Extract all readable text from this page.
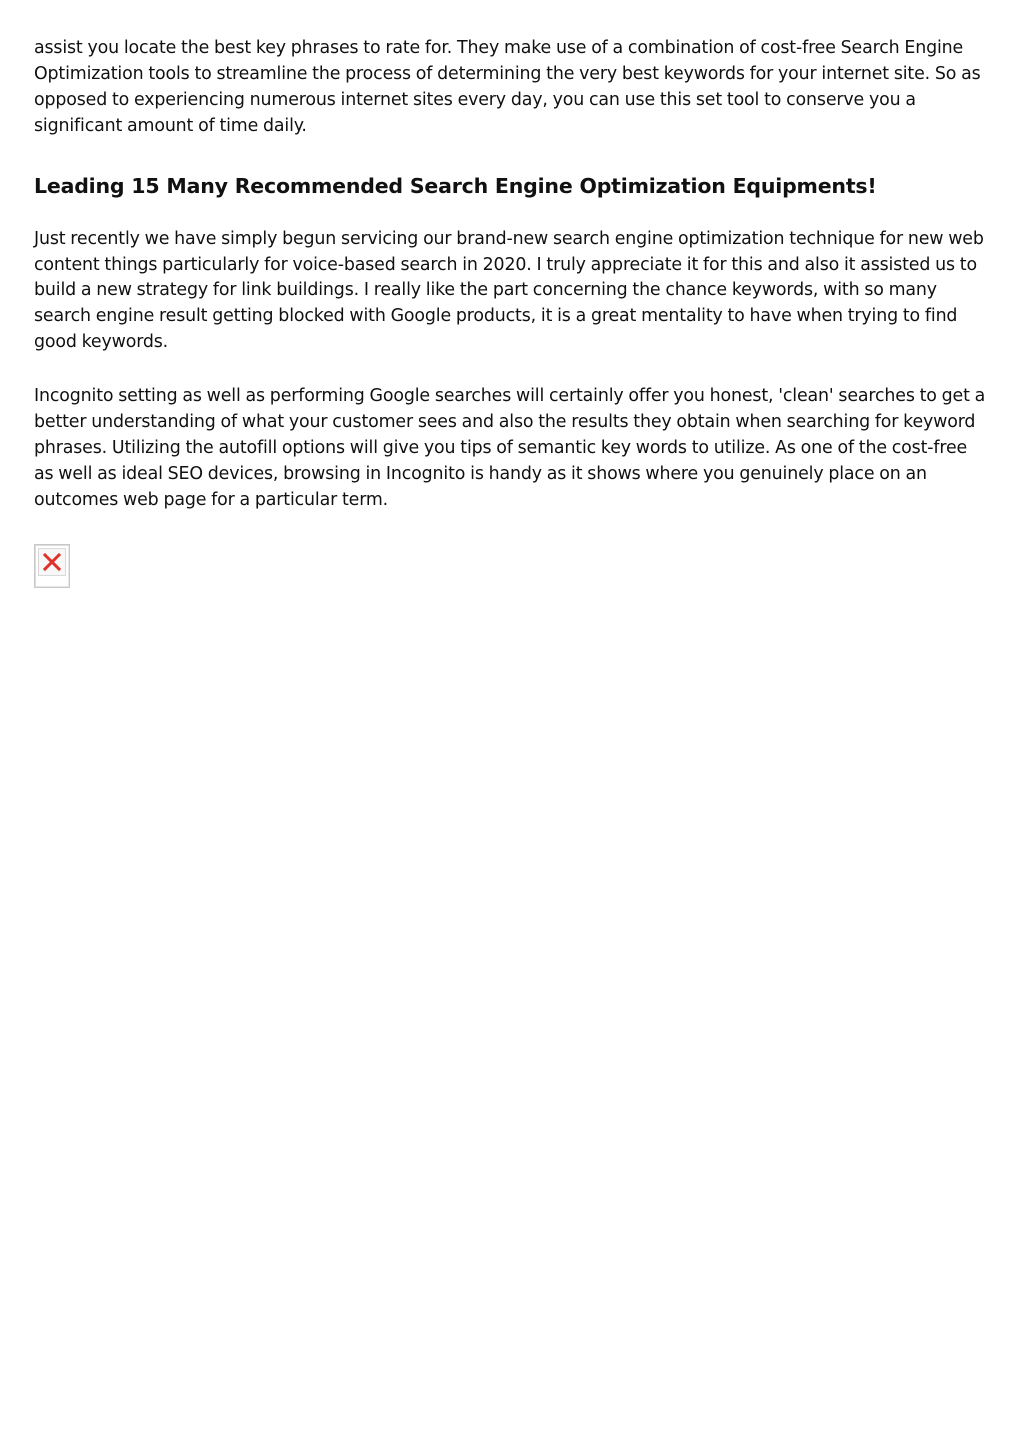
assist you locate the best key phrases to rate for. They make use of a combination of cost-free Search Engine Optimization tools to streamline the process of determining the very best keywords for your internet site. So as opposed to experiencing numerous internet sites every day, you can use this set tool to conserve you a significant amount of time daily.

Leading 15 Many Recommended Search Engine Optimization Equipments!

Just recently we have simply begun servicing our brand-new search engine optimization technique for new web content things particularly for voice-based search in 2020. I truly appreciate it for this and also it assisted us to build a new strategy for link buildings. I really like the part concerning the chance keywords, with so many search engine result getting blocked with Google products, it is a great mentality to have when trying to find good keywords.

Incognito setting as well as performing Google searches will certainly offer you honest, 'clean' searches to get a better understanding of what your customer sees and also the results they obtain when searching for keyword phrases. Utilizing the autofill options will give you tips of semantic key words to utilize. As one of the cost-free as well as ideal SEO devices, browsing in Incognito is handy as it shows where you genuinely place on an outcomes web page for a particular term.
